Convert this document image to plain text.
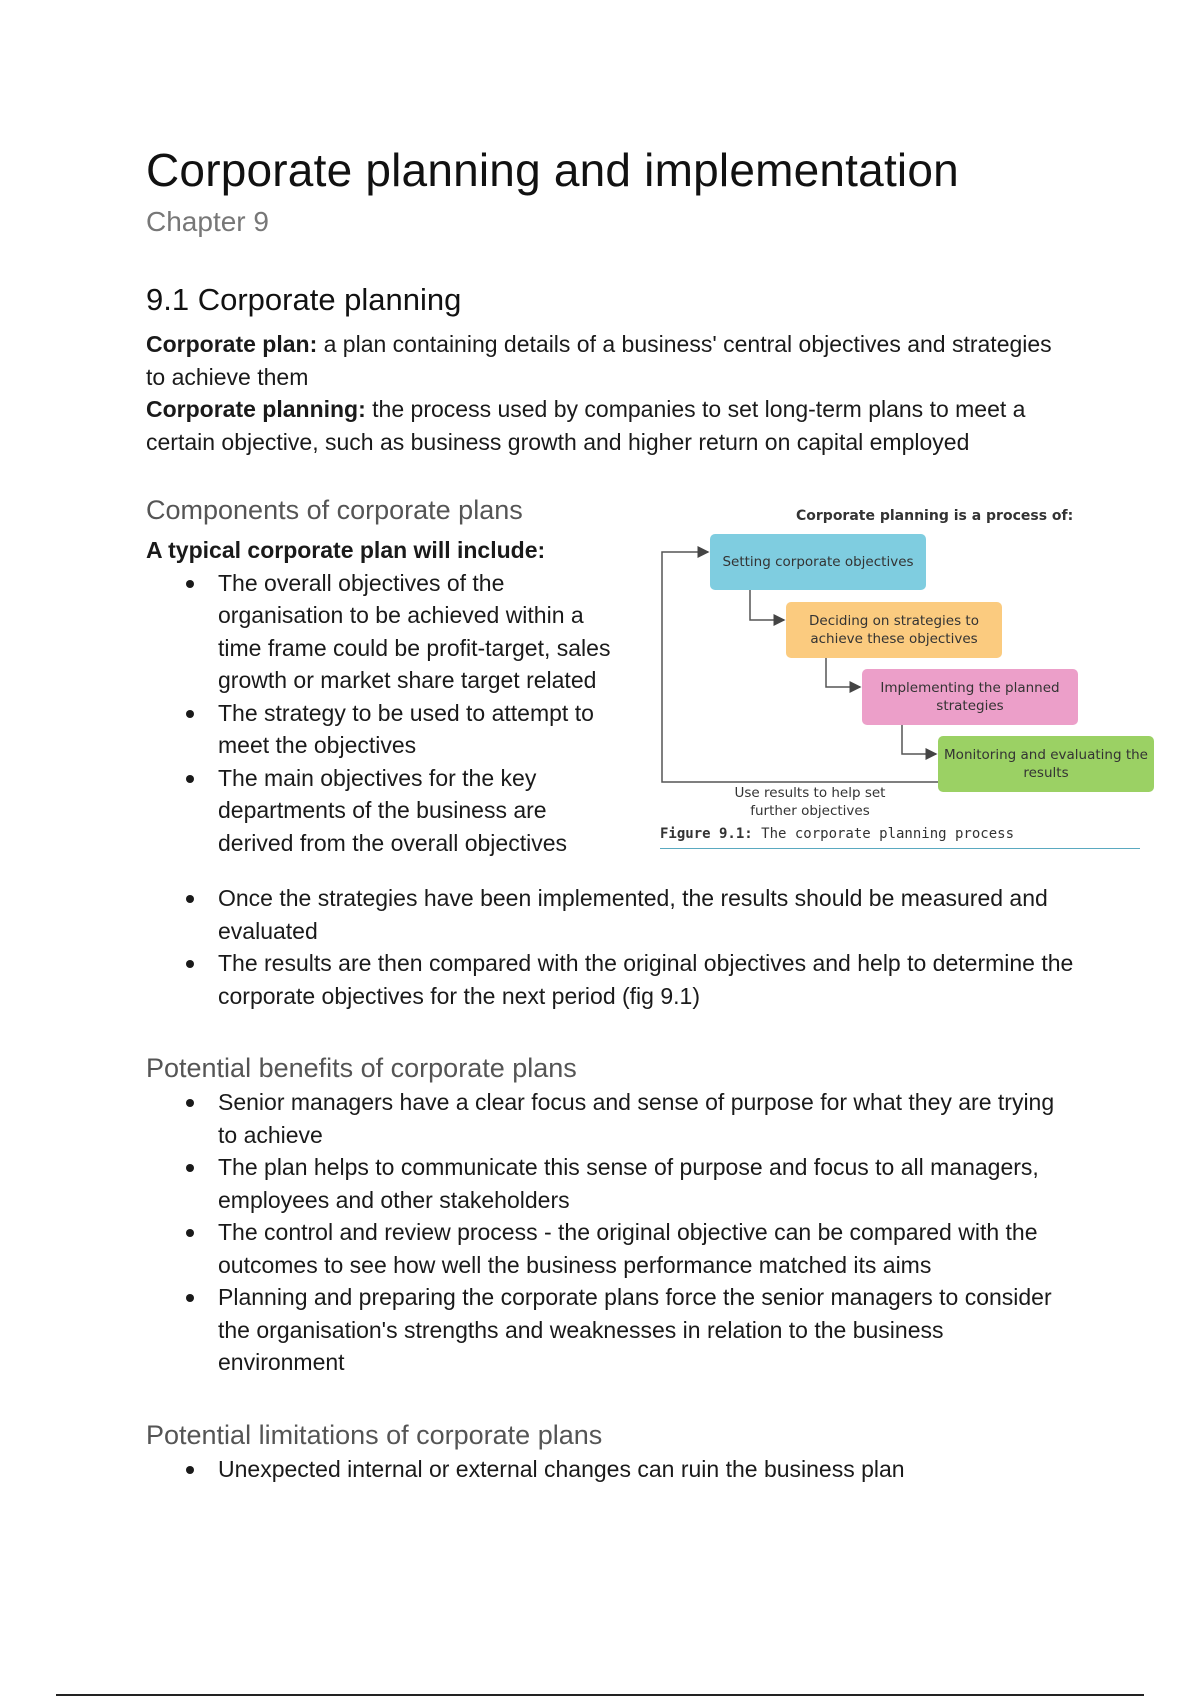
Corporate planning and implementation
Chapter 9
9.1 Corporate planning

Corporate plan: a plan containing details of a business' central objectives and strategies to achieve them

Corporate planning: the process used by companies to set long-term plans to meet a certain objective, such as business growth and higher return on capital employed

Components of corporate plans
A typical corporate plan will include:
The overall objectives of the organisation to be achieved within a time frame could be profit-target, sales growth or market share target related
The strategy to be used to attempt to meet the objectives
The main objectives for the key departments of the business are derived from the overall objectives
Corporate planning is a process of:
Setting corporate objectives
Deciding on strategies to achieve these objectives
Implementing the planned strategies
Monitoring and evaluating the results
Use results to help set further objectives
Figure 9.1: The corporate planning process
Once the strategies have been implemented, the results should be measured and evaluated
The results are then compared with the original objectives and help to determine the corporate objectives for the next period (fig 9.1)
Potential benefits of corporate plans
Senior managers have a clear focus and sense of purpose for what they are trying to achieve
The plan helps to communicate this sense of purpose and focus to all managers, employees and other stakeholders
The control and review process - the original objective can be compared with the outcomes to see how well the business performance matched its aims
Planning and preparing the corporate plans force the senior managers to consider the organisation's strengths and weaknesses in relation to the business environment
Potential limitations of corporate plans
Unexpected internal or external changes can ruin the business plan
